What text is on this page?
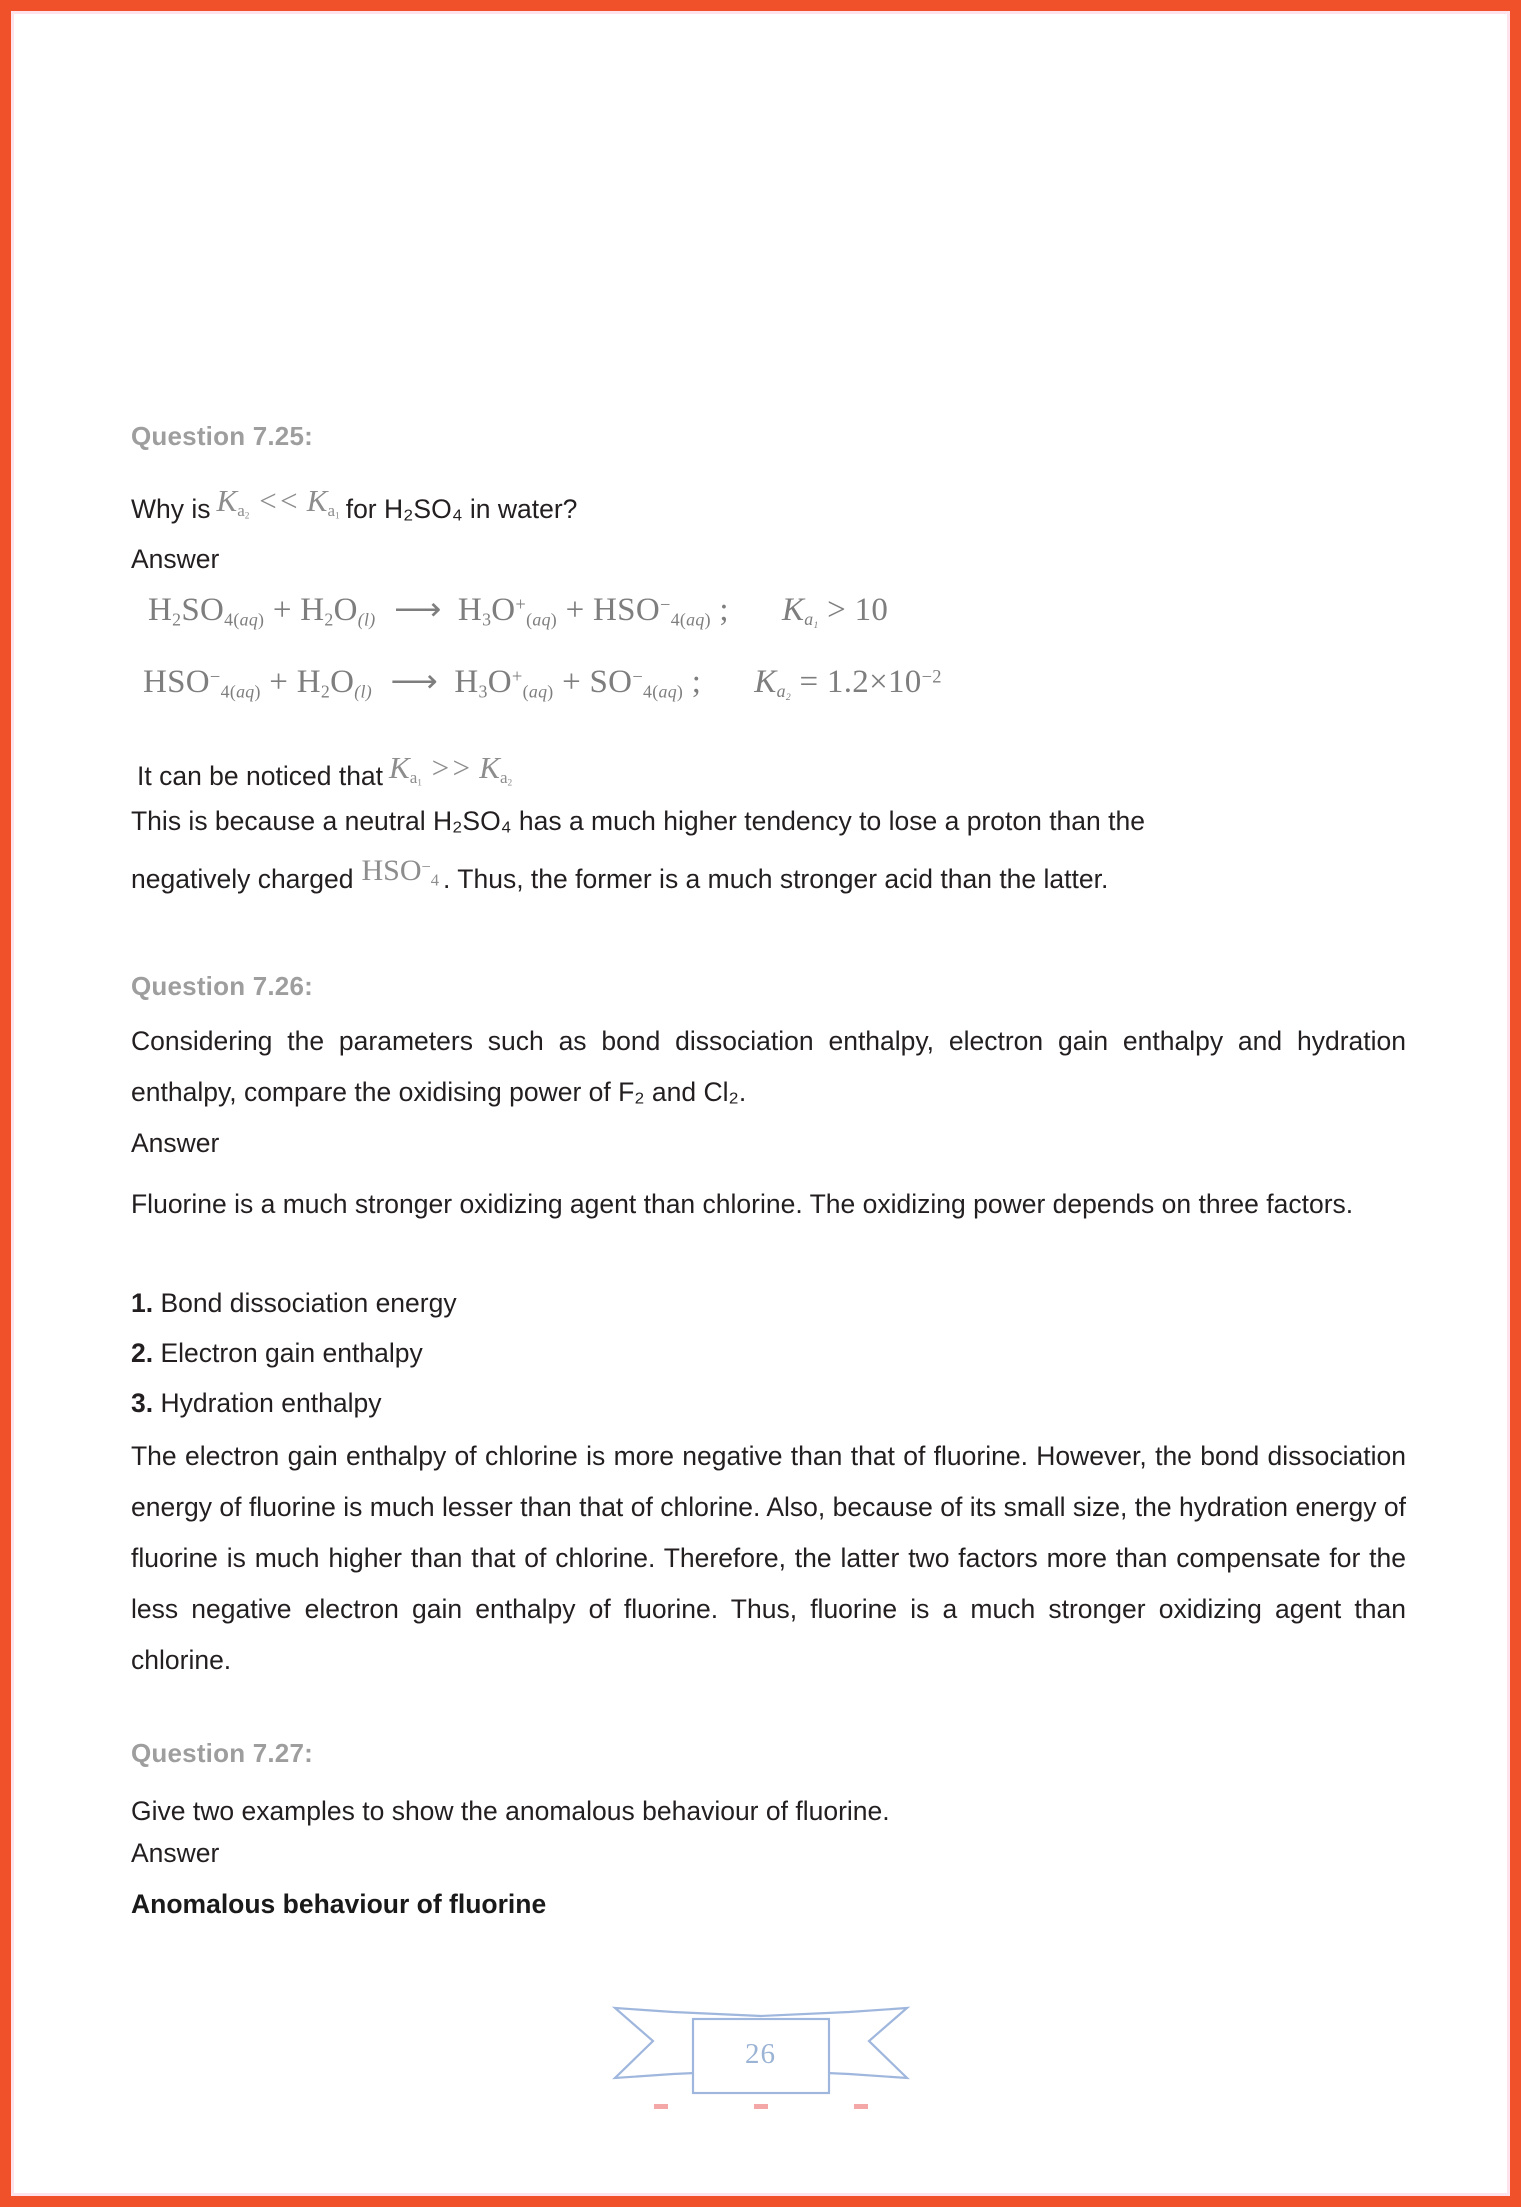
Question 7.25:
Why is $K_{a_2} << K_{a_1}$ for H₂SO₄ in water?
Answer
$H_2SO_{4(aq)} + H_2O_{(l)}$ ⟶ $H_3O^+_{(aq)} + HSO^-_{4(aq)}$ ;  $K_{a_1} > 10$
$HSO^-_{4(aq)} + H_2O_{(l)}$ ⟶ $H_3O^+_{(aq)} + SO^-_{4(aq)}$ ;  $K_{a_2} = 1.2\times 10^{-2}$
It can be noticed that $K_{a_1} >> K_{a_2}$
This is because a neutral H₂SO₄ has a much higher tendency to lose a proton than the
negatively charged $HSO^-_4$ . Thus, the former is a much stronger acid than the latter.
Question 7.26:
Considering the parameters such as bond dissociation enthalpy, electron gain enthalpy and hydration enthalpy, compare the oxidising power of F₂ and Cl₂.
Answer
Fluorine is a much stronger oxidizing agent than chlorine. The oxidizing power depends on three factors.
1. Bond dissociation energy
2. Electron gain enthalpy
3. Hydration enthalpy
The electron gain enthalpy of chlorine is more negative than that of fluorine. However, the bond dissociation energy of fluorine is much lesser than that of chlorine. Also, because of its small size, the hydration energy of fluorine is much higher than that of chlorine. Therefore, the latter two factors more than compensate for the less negative electron gain enthalpy of fluorine. Thus, fluorine is a much stronger oxidizing agent than chlorine.
Question 7.27:
Give two examples to show the anomalous behaviour of fluorine.
Answer
Anomalous behaviour of fluorine
26
